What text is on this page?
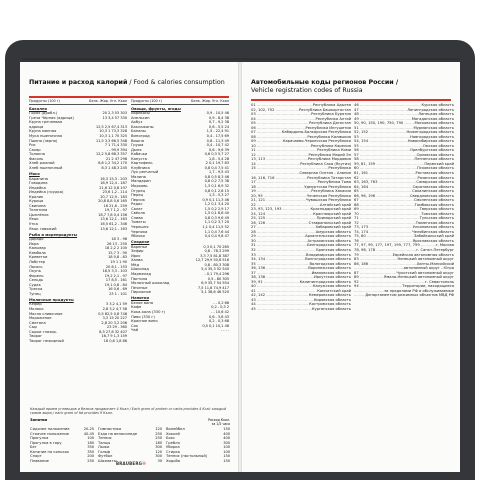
Питание и расход калорий / Food & calories consumption
Продукты (100 г)	Белк. Жир. Угл. Ккал
Бакалея
Горох (дробл.)	20 2,3 53 303
Греча Чёрная (ядрица)	13 3,4 57 330
Крупа гречневая
ядрица	12,5 2,5 67,4 313
Крупа манная	10,3 1 73,3 328
Мука пшеничная	10,3 1,1 70 325
Пшено (зерно)	11,5 3,3 66,5 348
Рис	7 1 71,4 330
Сахар	- - 99,9 394
Толокно	12,2 5,8 68,3 357
Фасоль	21 2 47 298
Хлеб ржаной	6,6 1,2 34,2 170
Хлеб пшеничный	8,3 1 48,3 245
Мясо
Баранина	16,3 15,3 - 203
Говядина	18,9 12,4 - 187
Индейка	21,6 12 0,8 197
Индейка (грудка)	23,6 1,2 - 114
Кролик	20,7 12,9 - 183
Курица	20,8 8,8 0,6 165
Свинина	16 21,6 - 259
Телятина	19,7 1,2 - 97
Цыплёнок	18,7 7,8 0,4 156
Язык	13,6 12,1 - 163
Утка	16,5 61,2 - 346
Язык говяжий	13,6 12,1 - 163
Рыба и морепродукты
Дорадо	18 3 - 96
Икра	26 13 - 250
Кальмар	18 2,2 2 100
Камбала	15,7 3 - 90
Креветки	18 0,8 - 83
Лобстер	19 1 1 90
Лосось	20 8,1 - 153
Окунь	18,5 3,3 - 103
Форель	19,2 2,1 - 97
Сельдь	17 8,5 - 161
Судак	19,1 0,8 - 84
Треска	16 0,6 - 69
Тунец	23 1 - 101
Молочные продукты
Кефир	3 3,2 4,1 59
Молоко	2,8 3,2 4,7 58
Масло сливочное	0,5 82,5 0,8 748
Мороженое	3,3 15 20 227
Сметана	2,8 20 3,2 206
Сыр	23 29 - 360
Сырки глазир.	8,5 27,8 32 407
Творог	16,7 9 1,3 159
Творог нежирный	18 0,6 1,8 86
Продукты (100 г)	Белк. Жир. Угл. Ккал
Овощи, фрукты, ягоды
Абрикосы	0,9 - 10,5 46
Апельсин	0,9 - 8,4 38
Арбуз	0,7 - 9,2 38
Баклажаны	0,6 - 5,5 24
Бананы	1,5 - 22,4 91
Виноград	0,4 - 17,5 69
Вишня	0,8 - 11,3 49
Груша	0,4 - 10,7 42
Дыня	0,6 - 9,6 39
Кабачки	0,6 0,3 5,7 27
Капуста	1,8 - 5,4 28
Картофель	2 0,1 19,7 83
Клубника	0,8 0,4 7,5 41
Лук репчатый	1,7 - 9,5 43
Малина	0,8 0,5 8,3 46
Мандарин	0,8 0,2 7,5 38
Морковь	1,3 0,1 6,9 32
Огурец	0,8 0,1 2,8 15
Перец	1,3 - 5,3 27
Персик	0,9 0,1 11,3 46
Редис	1,2 0,1 3,4 20
Салат	1,5 0,2 2,9 17
Свёкла	1,5 0,1 8,8 40
Слива	0,8 0,3 9,6 49
Томаты	1,1 0,2 3,7 20
Черешня	1,1 0,4 11,5 52
Черника	1,1 0,4 7,6 44
Яблоко	0,4 0,4 9,8 47
Сладкое
Варенье	0,3 0,1 70 265
Зефир	0,8 - 78,3 299
Ирис	3,3 7,5 81,8 387
Халва	12,7 29,9 50,6 516
Мёд	0,8 - 80,3 308
Шоколад	5,4 35,3 52 540
Мармелад	- 0,1 79,4 296
Пастила	0,5 - 80 305
Молочный шоколад	6,9 35,7 54 554
Печенье	7,5 11,8 74,9 417
Пирожное	5,1 38,6 46 520
Напитки
Белое вино	- - 0,2 66
Кофе	0,2 - 0,3 2
Кока-кола (330 г)	- - 10,6 42
Пиво (330 г)	0,6 - 3,8 43
Красное вино	0,2 - 0,3 68
Сок	0,5 0,1 10,1 46
Чай	- - - -
Каждый прием углеводов и белков продвигает 4 Ккал / Each gram of protein or carbs provides 4 Kcal; каждый грамм жира / each gram of fat provides 9 Ккал.
Занятия	Расход Ккал. за 1/2 часа
Сидячее положение	20-25
Стоячее положение	40-45
Прогулка	100
Прогулка в гору	180
Бег	350
Катание на коньках	350
Спорт	200
Плавание	250
Гимнастика	120
Езда на велосипеде	250
Теннис	250
Танцы	180
Лыжи	300
Гольф	120
Футбол	300
Шахматы	30
Волейбол	150
Хоккей	400
Бокс	400
Гребля	300
Уборка	100
Стирка	100
Теннис (настольный)	150
Ходьба	150
BRAUBERG®
Автомобильные коды регионов России /
Vehicle registration codes of Russia
01 .....	Республика Адыгея
02, 102, 702 .....	Республика Башкортостан
03 .....	Республика Бурятия
04 .....	Республика Алтай
05 .....	Республика Дагестан
06 .....	Республика Ингушетия
07 .....	Кабардино-Балкарская Республика
08 .....	Республика Калмыкия
09 .....	Карачаево-Черкесская Республика
10 .....	Республика Карелия
11 .....	Республика Коми
12 .....	Республика Марий Эл
13, 113 .....	Республика Мордовия
14 .....	Республика Саха (Якутия)
15 .....	Республика
.....
Северная Осетия - Алания
16, 116, 716 .....	Республика Татарстан
17 .....	Республика Тыва
18 .....	Удмуртская Республика
19 .....	Республика Хакасия
20, 95 .....	Чеченская Республика
21, 121 .....	Чувашская Республика
22 .....	Алтайский край
23, 93, 123, 193 .....	Краснодарский край
24, 124 .....	Красноярский край
25, 125 .....	Приморский край
26, 126 .....	Ставропольский край
27 .....	Хабаровский край
28 .....	Амурская область
29 .....	Архангельская область
30 .....	Астраханская область
31 .....	Белгородская область
32 .....	Брянская область
33 .....	Владимирская область
34, 134 .....	Волгоградская область
35 .....	Вологодская область
36, 136 .....	Воронежская область
37 .....	Ивановская область
38, 138 .....	Иркутская область
39, 91 .....	Калининградская область
40 .....	Калужская область
41 .....	Камчатский край
42, 142 .....	Кемеровская область
43 .....	Кировская область
44 .....	Костромская область
45 .....	Курганская область
46 .....	Курская область
47 .....	Ленинградская область
48 .....	Липецкая область
49 .....	Магаданская область
50, 90, 150, 190, 750, 790 .....	Московская область
51 .....	Мурманская область
52, 152 .....	Нижегородская область
53 .....	Новгородская область
54, 154 .....	Новосибирская область
55 .....	Омская область
56 .....	Оренбургская область
57 .....	Орловская область
58 .....	Пензенская область
59, 81, 159 .....	Пермский край
60 .....	Псковская область
61, 161 .....	Ростовская область
62 .....	Рязанская область
63, 163, 763 .....	Самарская область
64, 164 .....	Саратовская область
65 .....	Сахалинская область
66, 96, 196 .....	Свердловская область
67 .....	Смоленская область
68 .....	Тамбовская область
69 .....	Тверская область
70 .....	Томская область
71 .....	Тульская область
72 .....	Тюменская область
73, 173 .....	Ульяновская область
74, 174 .....	Челябинская область
75, 80 .....	Забайкальский край
76 .....	Ярославская область
77, 97, 99, 177, 197, 199, 777, 799 .....	г. Москва
78, 98, 178 .....	г. Санкт-Петербург
79 .....	Еврейская автономная область
83 .....	Ненецкий автономный округ
86, 186 .....	Ханты-Мансийский
.....
автономный округ - Югра
87 .....	Чукотский автономный округ
89 .....	Ямало-Ненецкий автономный округ
92 .....	г. Севастополь
94 .....	Территории, находящиеся
.....
за пределами РФ и обслуживаемые
.....
Департаментом режимных объектов МВД РФ
